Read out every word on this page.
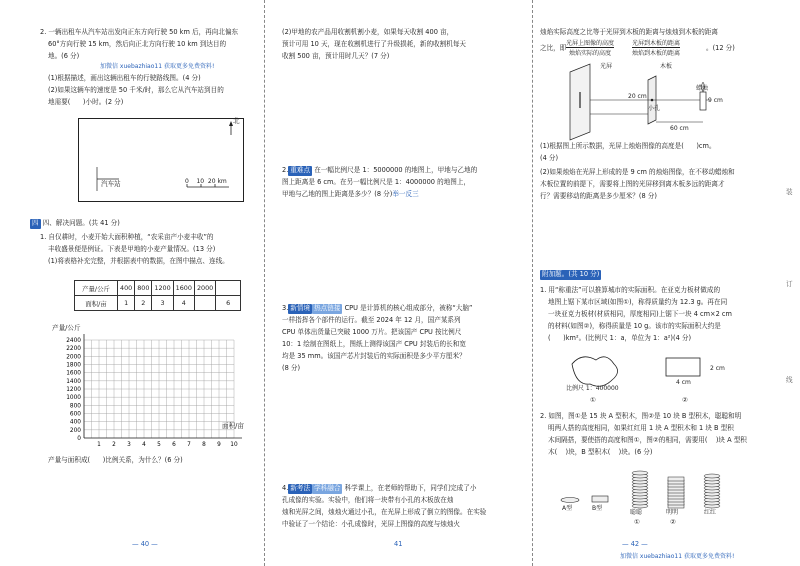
2. 一辆出租车从汽车站出发向正东方向行驶 50 km 后，再向北偏东
60°方向行驶 15 km，然后向正北方向行驶 10 km 到达目的
地。(6 分)
加微信 xuebazhiao11 获取更多免费资料!
(1)根据描述，画出这辆出租车的行驶路线图。(4 分)
(2)如果这辆车的速度是 50 千米/时，那么它从汽车站到目的
地需要(      )小时。(2 分)
北
汽车站	0    10  20 km
四 四、解决问题。(共 41 分)
1. 自仅耕时，小麦开始大面积种植，“农采亩产小麦丰收”的
丰收盛景便是例证。下表是甲地的小麦产量情况。(13 分)
(1)将表格补充完整，并根据表中的数据，在图中描点、连线。
产量/公斤	400	800	1200	1600	2000	
面积/亩	1	2	3	4		6
产量/公斤
2400
2200
2000
1800
1600
1400
1200
1000
800
600
400
200
0
1 2 3 4 5 6 7 8 9 10
面积/亩
产量与面积成(      )比例关系，为什么？(6 分)
— 40 —
(2)甲地的农产品用收割机割小麦，如果每天收割 400 亩，
预计可用 10 天，现在收割机进行了升级损耗，新的收割机每天
收割 500 亩，预计用时几天？(7 分)
2. 重难点 在一幅比例尺是 1：5000000 的地图上，甲地与乙地的
图上距离是 6 cm。在另一幅比例尺是 1：4000000 的地图上，
甲地与乙地的图上距离是多少？(8 分)举一反三
3. 新情境 热点链接 CPU 是计算机的核心组成部分，被称“大脑”
一样指挥各个部件的运行。截至 2024 年 12 月，国产某系列
CPU 单体出货量已突破 1000 万片。把该国产 CPU 按比例尺
10：1 绘制在图纸上，图纸上测得该国产 CPU 封装后的长和宽
均是 35 mm。该国产芯片封装后的实际面积是多少平方厘米？
(8 分)
4. 新考法 学科融合 科学课上，在老师的帮助下，同学们完成了小
孔成像的实验。实验中，他们将一块带有小孔的木板放在烛
烛和光屏之间，烛烛火通过小孔，在光屏上形成了倒立的图像。在实验
中验证了一个结论：小孔成像时，光屏上图像的高度与烛烛火
41
烛焰实际高度之比等于光屏到木板的距离与烛烛到木板的距离
之比，即
光屏上图像的高度
烛焰实际的高度
光屏到木板的距离
烛焰到木板的距离
。(12 分)
光屏	木板
20 cm
小孔
蜡烛
9 cm
60 cm
(1)根据图上所示数据，光屏上烛焰图像的高度是(      )cm。
(4 分)
(2)如果烛焰在光屏上形成的是 9 cm 的烛焰图像，在不移动蜡烛和
木板位置的前提下，需要将上图的光屏移到离木板多远的距离才
行？需要移动的距离是多少厘米？(8 分)
附加题。(共 10 分)
1. 用“称重法”可以推算城市的实际面积。在亚克力板材做成的
地图上锯下某市区域(如图①)，称得质量约为 12.3 g。再在同
一块亚克力板材(材质相同，厚度相同)上锯下一块 4 cm×2 cm
的材料(如图②)，称得质量是 10 g。该市的实际面积大约是
(      )km²。(比例尺 1：a，单位为 1：a²)(4 分)
比例尺 1：400000
2 cm
4 cm
①	②
2. 如图，图①是 15 块 A 型积木，图②是 10 块 B 型积木，聪聪和明
明两人搭的高度相同，如果红红用 1 块 A 型积木和 1 块 B 型积
木间隔搭，要使搭的高度和图①，图②的相同，需要用(    )块 A 型积
木(    )块，B 型积木(    )块。(6 分)
A型	B型
聪聪	明明	红红
①	②
— 42 —
加微信 xuebazhiao11 获取更多免费资料!
装
订
线
